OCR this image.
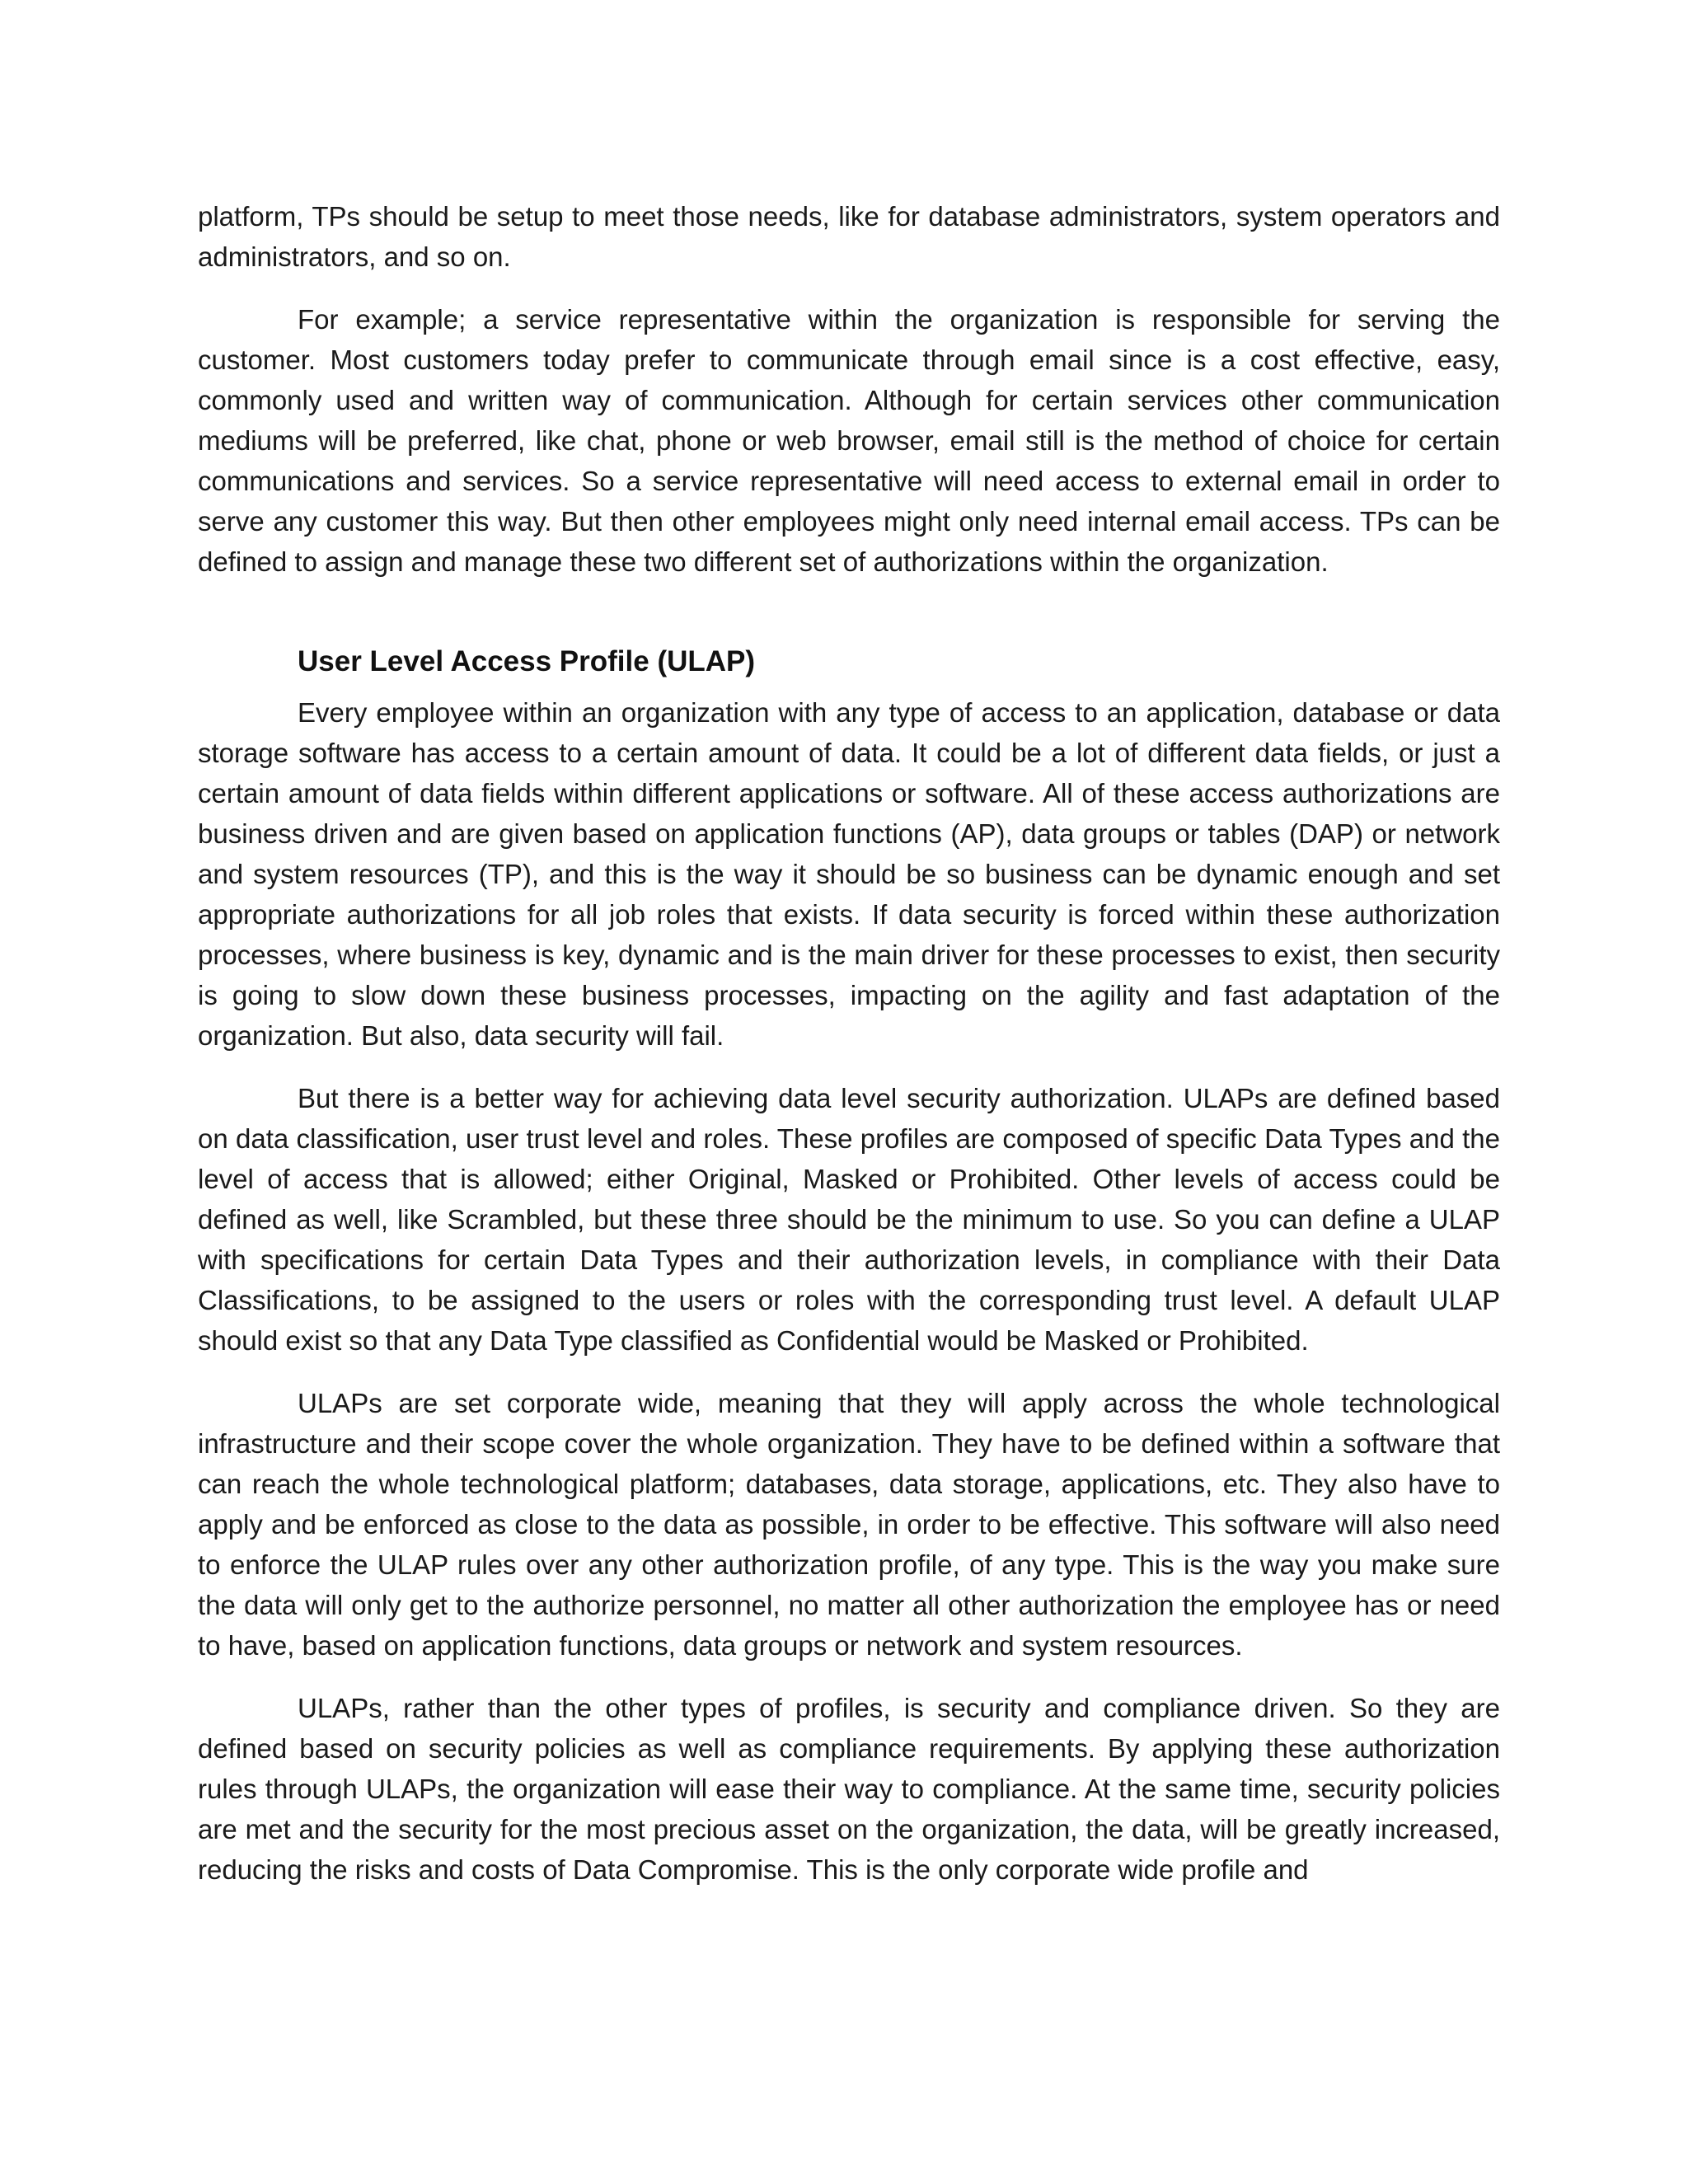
platform, TPs should be setup to meet those needs, like for database administrators, system operators and administrators, and so on.

For example; a service representative within the organization is responsible for serving the customer. Most customers today prefer to communicate through email since is a cost effective, easy, commonly used and written way of communication. Although for certain services other communication mediums will be preferred, like chat, phone or web browser, email still is the method of choice for certain communications and services. So a service representative will need access to external email in order to serve any customer this way. But then other employees might only need internal email access. TPs can be defined to assign and manage these two different set of authorizations within the organization.

User Level Access Profile (ULAP)

Every employee within an organization with any type of access to an application, database or data storage software has access to a certain amount of data. It could be a lot of different data fields, or just a certain amount of data fields within different applications or software. All of these access authorizations are business driven and are given based on application functions (AP), data groups or tables (DAP) or network and system resources (TP), and this is the way it should be so business can be dynamic enough and set appropriate authorizations for all job roles that exists. If data security is forced within these authorization processes, where business is key, dynamic and is the main driver for these processes to exist, then security is going to slow down these business processes, impacting on the agility and fast adaptation of the organization. But also, data security will fail.

But there is a better way for achieving data level security authorization. ULAPs are defined based on data classification, user trust level and roles. These profiles are composed of specific Data Types and the level of access that is allowed; either Original, Masked or Prohibited. Other levels of access could be defined as well, like Scrambled, but these three should be the minimum to use. So you can define a ULAP with specifications for certain Data Types and their authorization levels, in compliance with their Data Classifications, to be assigned to the users or roles with the corresponding trust level. A default ULAP should exist so that any Data Type classified as Confidential would be Masked or Prohibited.

ULAPs are set corporate wide, meaning that they will apply across the whole technological infrastructure and their scope cover the whole organization. They have to be defined within a software that can reach the whole technological platform; databases, data storage, applications, etc. They also have to apply and be enforced as close to the data as possible, in order to be effective. This software will also need to enforce the ULAP rules over any other authorization profile, of any type. This is the way you make sure the data will only get to the authorize personnel, no matter all other authorization the employee has or need to have, based on application functions, data groups or network and system resources.

ULAPs, rather than the other types of profiles, is security and compliance driven. So they are defined based on security policies as well as compliance requirements. By applying these authorization rules through ULAPs, the organization will ease their way to compliance. At the same time, security policies are met and the security for the most precious asset on the organization, the data, will be greatly increased, reducing the risks and costs of Data Compromise. This is the only corporate wide profile and
